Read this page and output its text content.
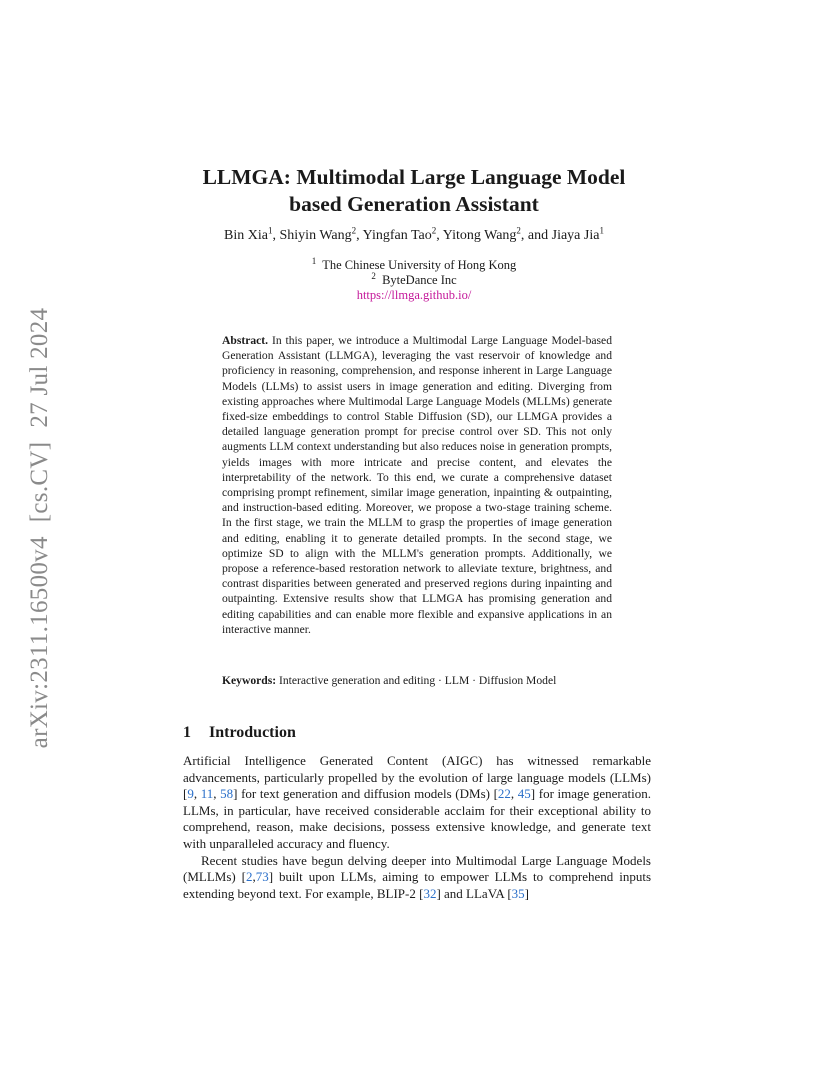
arXiv:2311.16500v4[cs.CV]27 Jul 2024
LLMGA: Multimodal Large Language Model
based Generation Assistant
Bin Xia$^1$, Shiyin Wang$^2$, Yingfan Tao$^2$, Yitong Wang$^2$, and Jiaya Jia$^1$
$^1$ The Chinese University of Hong Kong
$^2$ ByteDance Inc
https://llmga.github.io/

Abstract. In this paper, we introduce a Multimodal Large Language Model-based Generation Assistant (LLMGA), leveraging the vast reservoir of knowledge and proficiency in reasoning, comprehension, and response inherent in Large Language Models (LLMs) to assist users in image generation and editing. Diverging from existing approaches where Multimodal Large Language Models (MLLMs) generate fixed-size embeddings to control Stable Diffusion (SD), our LLMGA provides a detailed language generation prompt for precise control over SD. This not only augments LLM context understanding but also reduces noise in generation prompts, yields images with more intricate and precise content, and elevates the interpretability of the network. To this end, we curate a comprehensive dataset comprising prompt refinement, similar image generation, inpainting & outpainting, and instruction-based editing. Moreover, we propose a two-stage training scheme. In the first stage, we train the MLLM to grasp the properties of image generation and editing, enabling it to generate detailed prompts. In the second stage, we optimize SD to align with the MLLM's generation prompts. Additionally, we propose a reference-based restoration network to alleviate texture, brightness, and contrast disparities between generated and preserved regions during inpainting and outpainting. Extensive results show that LLMGA has promising generation and editing capabilities and can enable more flexible and expansive applications in an interactive manner.

Keywords: Interactive generation and editing · LLM · Diffusion Model

1 Introduction

Artificial Intelligence Generated Content (AIGC) has witnessed remarkable advancements, particularly propelled by the evolution of large language models (LLMs) [9, 11, 58] for text generation and diffusion models (DMs) [22, 45] for image generation. LLMs, in particular, have received considerable acclaim for their exceptional ability to comprehend, reason, make decisions, possess extensive knowledge, and generate text with unparalleled accuracy and fluency.

Recent studies have begun delving deeper into Multimodal Large Language Models (MLLMs) [2,73] built upon LLMs, aiming to empower LLMs to comprehend inputs extending beyond text. For example, BLIP-2 [32] and LLaVA [35]
